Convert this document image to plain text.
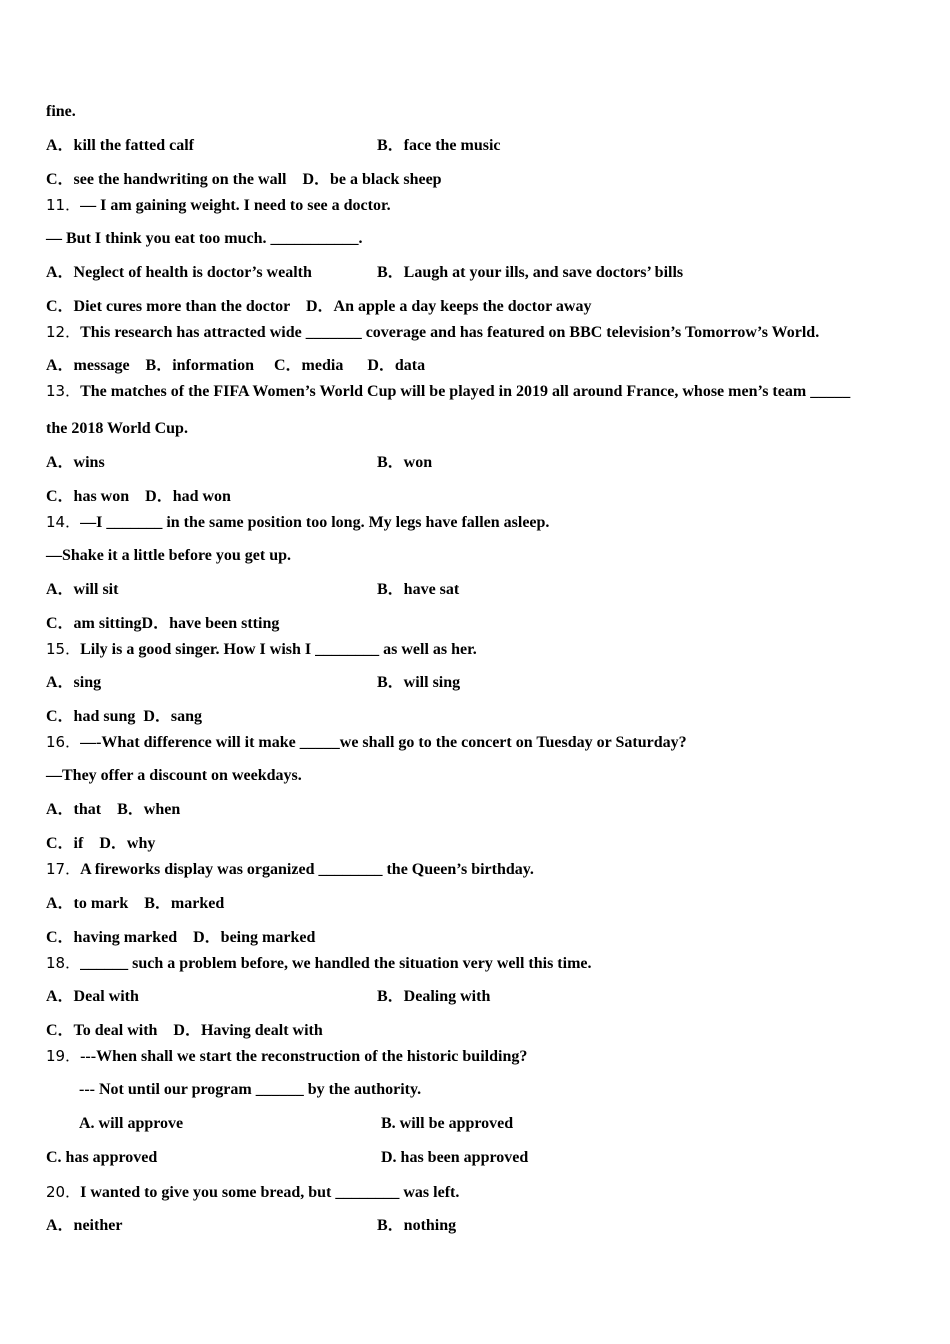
fine.
A．kill the fatted calf	B．face the music
C．see the handwriting on the wall　D．be a black sheep
11．— I am gaining weight. I need to see a doctor.
— But I think you eat too much. ___________.
A．Neglect of health is doctor’s wealth	B．Laugh at your ills, and save doctors’ bills
C．Diet cures more than the doctor　D．An apple a day keeps the doctor away
12．This research has attracted wide _______ coverage and has featured on BBC television’s Tomorrow’s World.
A．message　B．information　 C．media　  D．data
13．The matches of the FIFA Women’s World Cup will be played in 2019 all around France, whose men’s team _____
the 2018 World Cup.
A．wins	B．won
C．has won　D．had won
14．—I _______ in the same position too long. My legs have fallen asleep.
—Shake it a little before you get up.
A．will sit	B．have sat
C．am sittingD．have been stting
15．Lily is a good singer. How I wish I ________ as well as her.
A．sing	B．will sing
C．had sung  D．sang
16．—-What difference will it make _____we shall go to the concert on Tuesday or Saturday?
—They offer a discount on weekdays.
A．that　B．when
C．if　D．why
17．A fireworks display was organized ________ the Queen’s birthday.
A．to mark　B．marked
C．having marked　D．being marked
18．______ such a problem before, we handled the situation very well this time.
A．Deal with	B．Dealing with
C．To deal with　D．Having dealt with
19．---When shall we start the reconstruction of the historic building?
--- Not until our program ______ by the authority.
A. will approve	B. will be approved
C. has approved	D. has been approved
20．I wanted to give you some bread, but ________ was left.
A．neither	B．nothing
